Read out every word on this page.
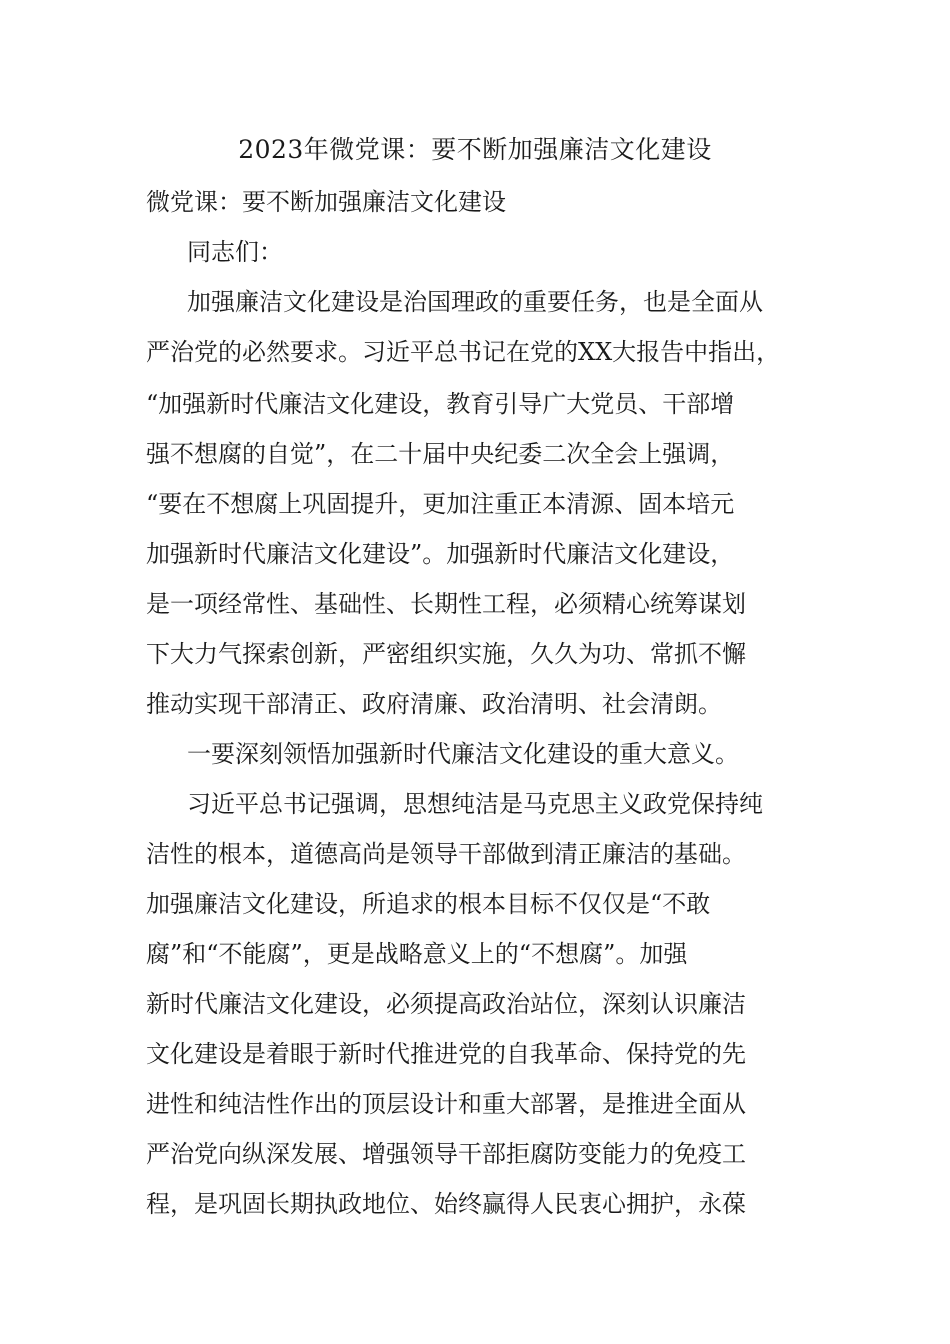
2023年微党课：要不断加强廉洁文化建设
微党课：要不断加强廉洁文化建设
同志们：
加强廉洁文化建设是治国理政的重要任务，也是全面从
严治党的必然要求。习近平总书记在党的XX大报告中指出，
“加强新时代廉洁文化建设，教育引导广大党员、干部增
强不想腐的自觉”，在二十届中央纪委二次全会上强调，
“要在不想腐上巩固提升，更加注重正本清源、固本培元
加强新时代廉洁文化建设”。加强新时代廉洁文化建设，
是一项经常性、基础性、长期性工程，必须精心统筹谋划
下大力气探索创新，严密组织实施，久久为功、常抓不懈
推动实现干部清正、政府清廉、政治清明、社会清朗。
一要深刻领悟加强新时代廉洁文化建设的重大意义。
习近平总书记强调，思想纯洁是马克思主义政党保持纯
洁性的根本，道德高尚是领导干部做到清正廉洁的基础。
加强廉洁文化建设，所追求的根本目标不仅仅是“不敢
腐”和“不能腐”，更是战略意义上的“不想腐”。加强
新时代廉洁文化建设，必须提高政治站位，深刻认识廉洁
文化建设是着眼于新时代推进党的自我革命、保持党的先
进性和纯洁性作出的顶层设计和重大部署，是推进全面从
严治党向纵深发展、增强领导干部拒腐防变能力的免疫工
程，是巩固长期执政地位、始终赢得人民衷心拥护，永葆
